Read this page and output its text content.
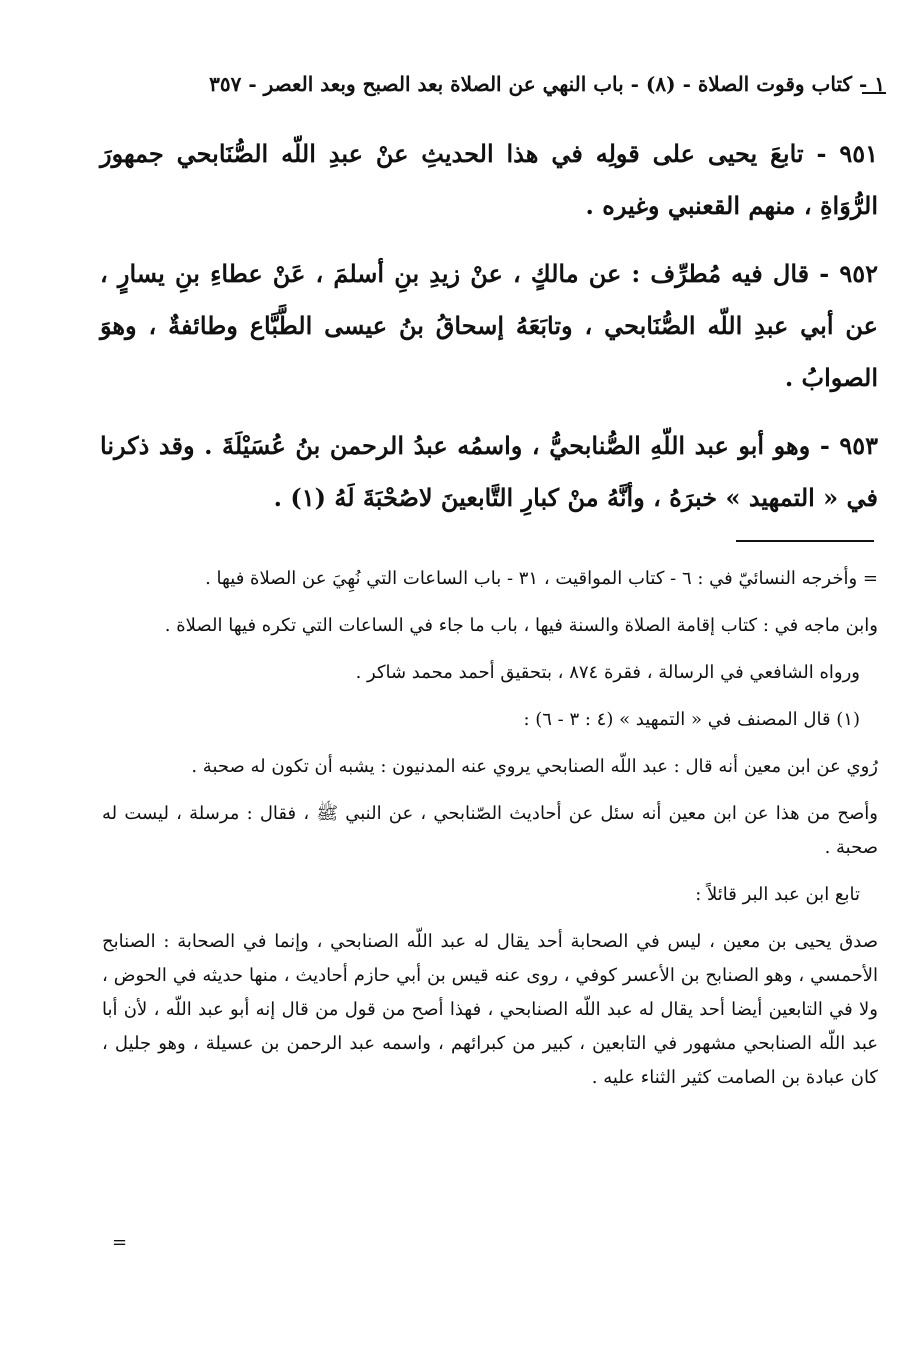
١ - كتاب وقوت الصلاة - (٨) - باب النهي عن الصلاة بعد الصبح وبعد العصر - ٣٥٧

٩٥١ - تابعَ يحيى على قولِه في هذا الحديثِ عنْ عبدِ اللّه الصُّنَابحي جمهورَ الرُّوَاةِ ، منهم القعنبي وغيره .

٩٥٢ - قال فيه مُطرِّف : عن مالكٍ ، عنْ زيدِ بنِ أسلمَ ، عَنْ عطاءِ بنِ يسارٍ ، عن أبي عبدِ اللّه الصُّنَابحي ، وتابَعَهُ إسحاقُ بنُ عيسى الطَّبَّاع وطائفةٌ ، وهوَ الصوابُ .

٩٥٣ - وهو أبو عبد اللّهِ الصُّنابحيُّ ، واسمُه عبدُ الرحمن بنُ عُسَيْلَةَ . وقد ذكرنا في « التمهيد » خبرَهُ ، وأنَّهُ منْ كبارِ التَّابعينَ لاصُحْبَةَ لَهُ (١) .

= وأخرجه النسائيّ في : ٦ - كتاب المواقيت ، ٣١ - باب الساعات التي نُهِيَ عن الصلاة فيها .

وابن ماجه في : كتاب إقامة الصلاة والسنة فيها ، باب ما جاء في الساعات التي تكره فيها الصلاة .

ورواه الشافعي في الرسالة ، فقرة ٨٧٤ ، بتحقيق أحمد محمد شاكر .

(١) قال المصنف في « التمهيد » (٤ : ٣ - ٦) :

رُوي عن ابن معين أنه قال : عبد اللّه الصنابحي يروي عنه المدنيون : يشبه أن تكون له صحبة .

وأصح من هذا عن ابن معين أنه سئل عن أحاديث الصّنابحي ، عن النبي ﷺ ، فقال : مرسلة ، ليست له صحبة .

تابع ابن عبد البر قائلاً :

صدق يحيى بن معين ، ليس في الصحابة أحد يقال له عبد اللّه الصنابحي ، وإنما في الصحابة : الصنابح الأحمسي ، وهو الصنابح بن الأعسر كوفي ، روى عنه قيس بن أبي حازم أحاديث ، منها حديثه في الحوض ، ولا في التابعين أيضا أحد يقال له عبد اللّه الصنابحي ، فهذا أصح من قول من قال إنه أبو عبد اللّه ، لأن أبا عبد اللّه الصنابحي مشهور في التابعين ، كبير من كبرائهم ، واسمه عبد الرحمن بن عسيلة ، وهو جليل ، كان عبادة بن الصامت كثير الثناء عليه .

=
